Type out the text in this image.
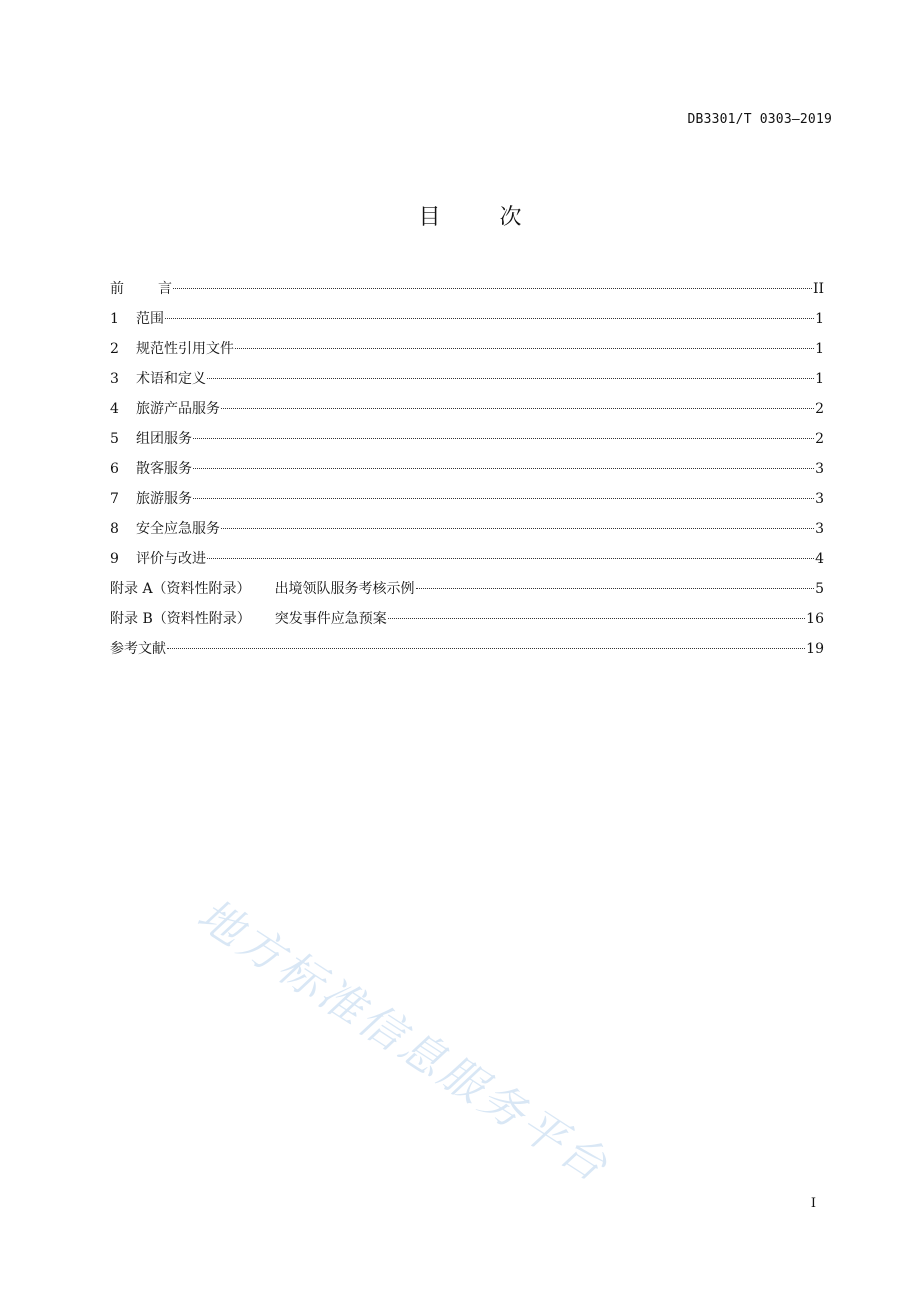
DB3301/T 0303—2019
目	次
前 言	II
1	范围	1
2	规范性引用文件	1
3	术语和定义	1
4	旅游产品服务	2
5	组团服务	2
6	散客服务	3
7	旅游服务	3
8	安全应急服务	3
9	评价与改进	4
附录 A（资料性附录） 出境领队服务考核示例	5
附录 B（资料性附录） 突发事件应急预案	16
参考文献	19
地方标准信息服务平台
I
